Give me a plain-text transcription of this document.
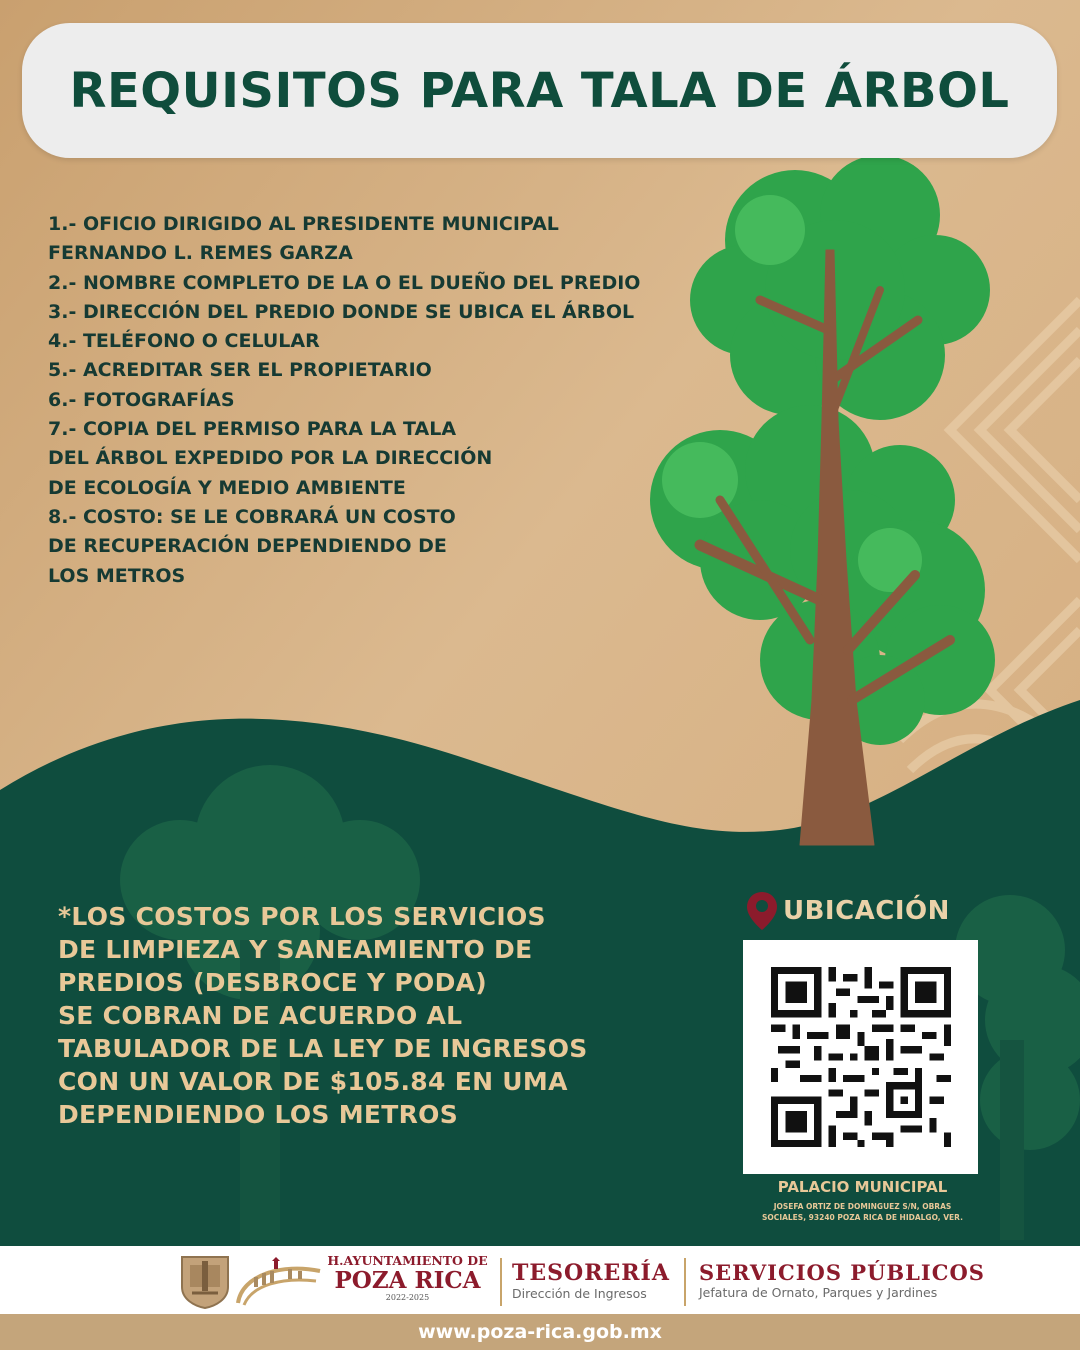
REQUISITOS PARA TALA DE ÁRBOL
1.- OFICIO DIRIGIDO AL PRESIDENTE MUNICIPAL
FERNANDO L. REMES GARZA
2.- NOMBRE COMPLETO DE LA O EL DUEÑO DEL PREDIO
3.- DIRECCIÓN DEL PREDIO DONDE SE UBICA EL ÁRBOL
4.- TELÉFONO O CELULAR
5.- ACREDITAR SER EL PROPIETARIO
6.- FOTOGRAFÍAS
7.- COPIA DEL PERMISO PARA LA TALA
DEL ÁRBOL EXPEDIDO POR LA DIRECCIÓN
DE ECOLOGÍA Y MEDIO AMBIENTE
8.- COSTO: SE LE COBRARÁ UN COSTO
DE RECUPERACIÓN DEPENDIENDO DE
LOS METROS
*LOS COSTOS POR LOS SERVICIOS
DE LIMPIEZA Y SANEAMIENTO DE
PREDIOS (DESBROCE Y PODA)
SE COBRAN DE ACUERDO AL
TABULADOR DE LA LEY DE INGRESOS
CON UN VALOR DE $105.84 EN UMA
DEPENDIENDO LOS METROS
UBICACIÓN
PALACIO MUNICIPAL
JOSEFA ORTIZ DE DOMINGUEZ S/N, OBRAS
SOCIALES, 93240 POZA RICA DE HIDALGO, VER.
H.AYUNTAMIENTO DE
POZA RICA
2022-2025
TESORERÍA
Dirección de Ingresos
SERVICIOS PÚBLICOS
Jefatura de Ornato, Parques y Jardines
www.poza-rica.gob.mx
